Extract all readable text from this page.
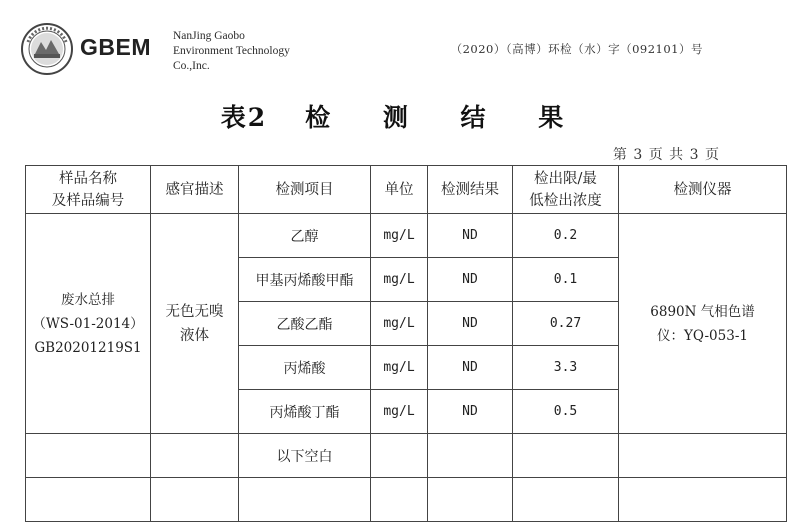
GBEM NanJing Gaobo
Environment Technology
Co.,Inc.
（2020）（高博）环检（水）字（092101）号
表2 检 测 结 果
第 3 页 共 3 页
样品名称
及样品编号	感官描述	检测项目	单位	检测结果	检出限/最
低检出浓度	检测仪器

废水总排
（WS-01-2014）
GB20201219S1	无色无嗅
液体	乙醇	mg/L	ND	0.2	6890N 气相色谱
仪：YQ-053-1

		甲基丙烯酸甲酯	mg/L	ND	0.1	
		乙酸乙酯	mg/L	ND	0.27	
		丙烯酸	mg/L	ND	3.3	
		丙烯酸丁酯	mg/L	ND	0.5	
		以下空白				
